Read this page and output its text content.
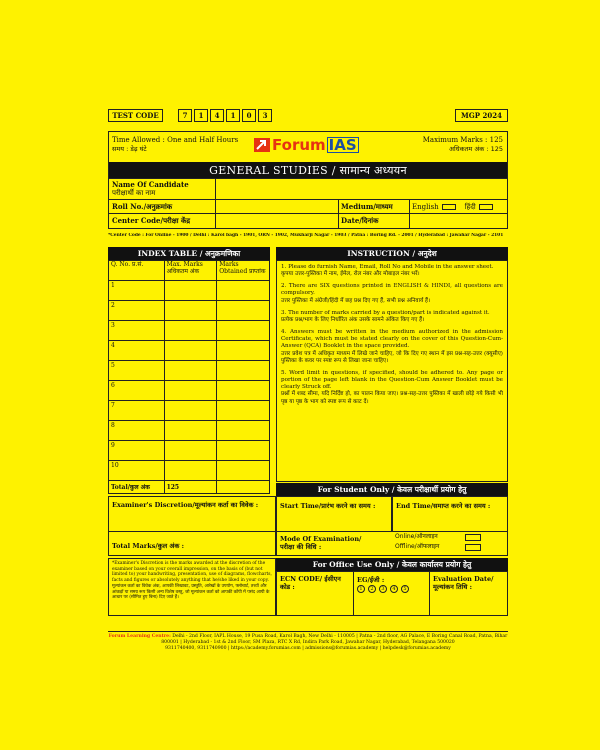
TEST CODE	7	1	4	1	0	3	MGP 2024
Time Allowed : One and Half Hours
समय : डेढ़ घंटे	Forum IAS	Maximum Marks : 125
अधिकतम अंक : 125
GENERAL STUDIES / सामान्य अध्ययन
Name Of Candidate
परीक्षार्थी का नाम
Roll No./अनुक्रमांक	Medium/माध्यम	English	हिंदी
Center Code/परीक्षा केंद्र	Date/दिनांक
*Center Code : For Online - 1900 / Delhi : Karol bagh - 1901, ORN - 1902, Mukharji Nagar - 1903 / Patna : Boring Rd. - 2001 / Hyderabad : Jawahar Nagar - 2101
INDEX TABLE / अनुक्रमणिका
Q. No. प्र.सं.	Max. Marks अधिकतम अंक	Marks Obtained प्राप्तांक
1		
2		
3		
4		
5		
6		
7		
8		
9		
10		
Total/कुल अंक	125	
INSTRUCTION / अनुदेश
1. Please do furnish Name, Email, Roll No and Mobile in the answer sheet.
कृपया उत्तर-पुस्तिका में नाम, ईमेल, रोल नंबर और मोबाइल नंबर भरें।
2. There are SIX questions printed in ENGLISH & HINDI, all questions are compulsory.
उत्तर पुस्तिका में अंग्रेजी/हिंदी में छह प्रश्न दिए गए हैं, सभी प्रश्न अनिवार्य हैं।
3. The number of marks carried by a question/part is indicated against it.
प्रत्येक प्रश्न/भाग के लिए निर्धारित अंक उसके सामने अंकित किए गए हैं।
4. Answers must be written in the medium authorized in the admission Certificate, which must be stated clearly on the cover of this Question-Cum-Answer (QCA) Booklet in the space provided.
उत्तर प्रवेश पत्र में अधिकृत माध्यम में लिखे जाने चाहिए, जो कि दिए गए स्थान में इस प्रश्न-सह-उत्तर (क्यूसीए) पुस्तिका के कवर पर स्पष्ट रूप से लिखा जाना चाहिए।
5. Word limit in questions, if specified, should be adhered to. Any page or portion of the page left blank in the Question-Cum Answer Booklet must be clearly Struck off.
प्रश्नों में शब्द सीमा, यदि निर्दिष्ट हो, का पालन किया जाए। प्रश्न-सह-उत्तर पुस्तिका में खाली छोड़े गये किसी भी पृष्ठ या पृष्ठ के भाग को स्पष्ट रूप से काट दें।
Examiner's Discretion/मूल्यांकन कर्ता का विवेक :
Total Marks/कुल अंक :
*Examiner's Discretion is the marks awarded at the discretion of the examiner based on your overall impression, on the basis of (but not limited to) your handwriting, presentation, use of diagrams, flowcharts, facts and figures or absolutely anything that he/she liked in your copy.
मूल्यांकन कर्ता का विवेक अंक, आपकी लिखावट, प्रस्तुति, आरेखों के उपयोग, फ्लोचार्ट, तथ्यों और आंकड़ों या समग्र रूप किसी अन्य विशेष वस्तु, जो मूल्यांकन कर्ता को आपकी कॉपी में पसंद आयी के आधार पर (सीमित हुए बिना) दिए जाते हैं।
For Student Only / केवल परीक्षार्थी प्रयोग हेतु
Start Time/प्रारंभ करने का समय :	End Time/समाप्त करने का समय :
Mode Of Examination/ परीक्षा की विधि :
Online/ऑनलाइन
Offline/ऑफलाइन
For Office Use Only / केवल कार्यालय प्रयोग हेतु
ECN CODE/ ईसीएन कोड :
EG/ईजी :
1	2	3	4	5
Evaluation Date/ मूल्यांकन तिथि :
Forum Learning Centre: Delhi - 2nd Floor, IAPL House, 19 Pusa Road, Karol Bagh, New Delhi - 110005 | Patna - 2nd floor, AG Palace, E Boring Canal Road, Patna, Bihar 800001 | Hyderabad - 1st & 2nd Floor, SM Plaza, RTC X Rd, Indira Park Road, Jawahar Nagar, Hyderabad, Telangana 500020
9311740400, 9311740900 | https://academy.forumias.com | admissions@forumias.academy | helpdesk@forumias.academy
